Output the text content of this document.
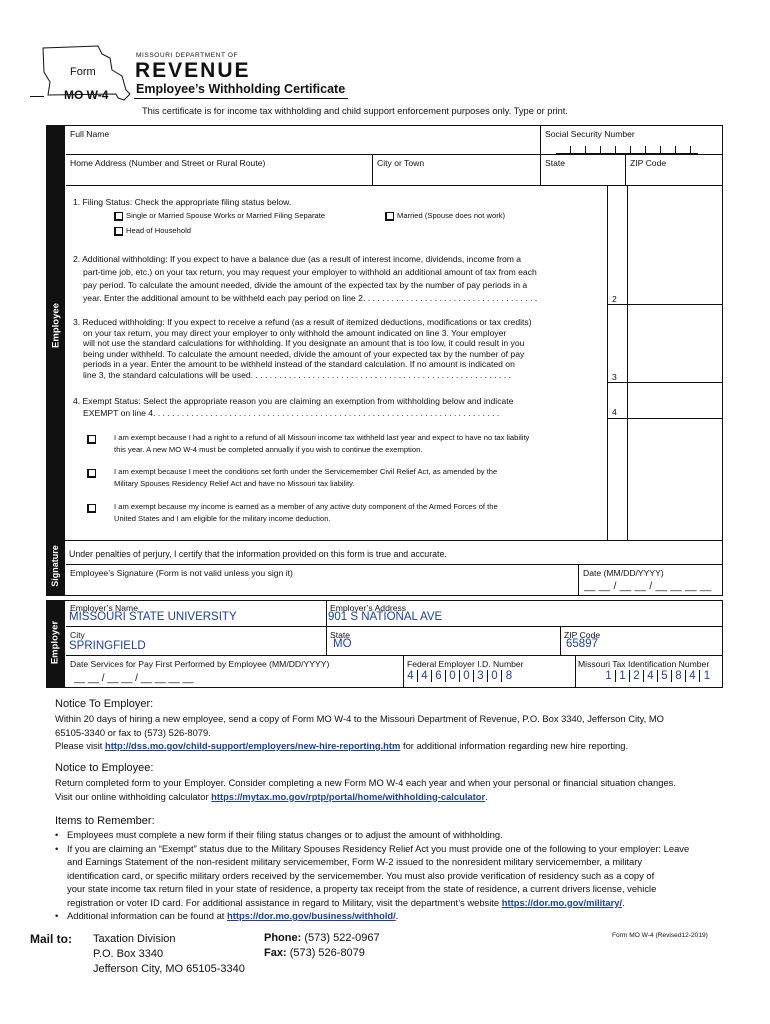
Form
MO W-4
MISSOURI DEPARTMENT OF
REVENUE
Employee’s Withholding Certificate
This certificate is for income tax withholding and child support enforcement purposes only. Type or print.
Employee
Full Name	Social Security Number
Home Address (Number and Street or Rural Route)	City or Town	State	ZIP Code
1. Filing Status: Check the appropriate filing status below.
Single or Married Spouse Works or Married Filing Separate	Married (Spouse does not work)
Head of Household
2. Additional withholding: If you expect to have a balance due (as a result of interest income, dividends, income from a
part-time job, etc.) on your tax return, you may request your employer to withhold an additional amount of tax from each
pay period. To calculate the amount needed, divide the amount of the expected tax by the number of pay periods in a
year. Enter the additional amount to be withheld each pay period on line 2. . . . . . . . . . . . . . . . . . . . . . . . . . . . . . . . . . . . .	2
3. Reduced withholding: If you expect to receive a refund (as a result of itemized deductions, modifications or tax credits)
on your tax return, you may direct your employer to only withhold the amount indicated on line 3. Your employer
will not use the standard calculations for withholding. If you designate an amount that is too low, it could result in you
being under withheld. To calculate the amount needed, divide the amount of your expected tax by the number of pay
periods in a year. Enter the amount to be withheld instead of the standard calculation. If no amount is indicated on
line 3, the standard calculations will be used. . . . . . . . . . . . . . . . . . . . . . . . . . . . . . . . . . . . . . . . . . . . . . . . . . . . . . .	3
4. Exempt Status: Select the appropriate reason you are claiming an exemption from withholding below and indicate
EXEMPT on line 4. . . . . . . . . . . . . . . . . . . . . . . . . . . . . . . . . . . . . . . . . . . . . . . . . . . . . . . . . . . . . . . . . . . . . . . . .	4
I am exempt because I had a right to a refund of all Missouri income tax withheld last year and expect to have no tax liability
this year. A new MO W-4 must be completed annually if you wish to continue the exemption.
I am exempt because I meet the conditions set forth under the Servicemember Civil Relief Act, as amended by the
Military Spouses Residency Relief Act and have no Missouri tax liability.
I am exempt because my income is earned as a member of any active duty component of the Armed Forces of the
United States and I am eligible for the military income deduction.
Signature Under penalties of perjury, I certify that the information provided on this form is true and accurate.
Employee’s Signature (Form is not valid unless you sign it)	Date (MM/DD/YYYY)
__ __ / __ __ / __ __ __ __
Employer
Employer’s Name
MISSOURI STATE UNIVERSITY
Employer’s Address
901 S NATIONAL AVE
City
SPRINGFIELD
State
MO
ZIP Code
65897
Date Services for Pay First Performed by Employee (MM/DD/YYYY)
__ __ / __ __ / __ __ __ __
Federal Employer I.D. Number
4 4 6 0 0 3 0 8
Missouri Tax Identification Number
1 1 2 4 5 8 4 1
Notice To Employer:
Within 20 days of hiring a new employee, send a copy of Form MO W-4 to the Missouri Department of Revenue, P.O. Box 3340, Jefferson City, MO
65105-3340 or fax to (573) 526-8079.
Please visit http://dss.mo.gov/child-support/employers/new-hire-reporting.htm for additional information regarding new hire reporting.
Notice to Employee:
Return completed form to your Employer. Consider completing a new Form MO W-4 each year and when your personal or financial situation changes.
Visit our online withholding calculator https://mytax.mo.gov/rptp/portal/home/withholding-calculator.
Items to Remember:
• Employees must complete a new form if their filing status changes or to adjust the amount of withholding.
• If you are claiming an “Exempt” status due to the Military Spouses Residency Relief Act you must provide one of the following to your employer: Leave
and Earnings Statement of the non-resident military servicemember, Form W-2 issued to the nonresident military servicemember, a military
identification card, or specific military orders received by the servicemember. You must also provide verification of residency such as a copy of
your state income tax return filed in your state of residence, a property tax receipt from the state of residence, a current drivers license, vehicle
registration or voter ID card. For additional assistance in regard to Military, visit the department’s website https://dor.mo.gov/military/.
• Additional information can be found at https://dor.mo.gov/business/withhold/.
Mail to: Taxation Division
P.O. Box 3340
Jefferson City, MO 65105-3340
Phone: (573) 522-0967
Fax: (573) 526-8079
Form MO W-4 (Revised12-2019)
